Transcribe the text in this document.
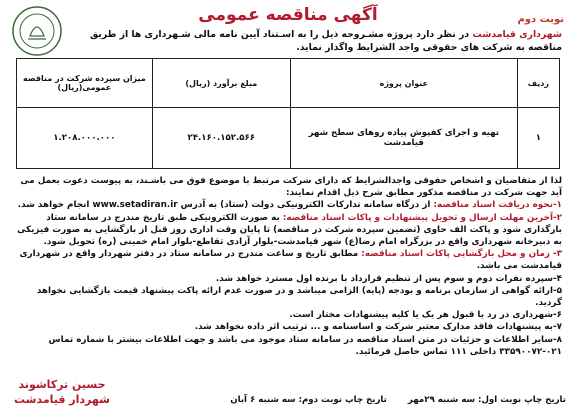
نوبت دوم
آگهی مناقصه عمومی
شهرداری قیامدشت در نظر دارد پروژه مشـروحه ذیل را به اسـتناد آیین نامه مالی شـهرداری ها از طریق مناقصه به شرکت های حقوقی واجد الشرایط واگذار نماید.
ردیف	عنوان پروژه	مبلغ برآورد (ریال)	میزان سپرده شرکت در مناقصه عمومی(ریال)
۱	تهیه و اجرای کفپوش پیاده روهای سطح شهر قیامدشت	۲۴.۱۶۰.۱۵۲.۵۶۶	۱.۲۰۸.۰۰۰.۰۰۰

لذا از متقاضیان و اشخاص حقوقی واجدالشرایط که دارای شرکت مرتبط با موضوع فوق می باشـند، به پیوست دعوت بعمل می آید جهت شرکت در مناقصه مذکور مطابق شرح ذیل اقدام نمایند:

۱-نحوه دریافت اسناد مناقصه: از درگاه سامانه تدارکات الکترونیکی دولت (ستاد) به آدرس www.setadiran.ir انجام خواهد شد.

۲-آخرین مهلت ارسال و تحویل پیشنهادات و پاکات اسناد مناقصه: به صورت الکترونیکی طبق تاریخ مندرج در سامانه ستاد بارگذاری شود و پاکت الف حاوی (تضمین سپرده شرکت در مناقصه) تا پایان وقت اداری روز قبل از بازگشایی به صورت فیزیکی به دبیرخانه شهرداری واقع در بزرگراه امام رضا(ع) شهر قیامدشت-بلوار آزادی تقاطع-بلوار امام خمینی (ره) تحویل شود.

۳- زمان و محل بازگشایی پاکات اسناد مناقصه: مطابق تاریخ و ساعت مندرج در سامانه ستاد در دفتر شهردار واقع در شهرداری قیامدشت می باشد.

۴-سپرده نفرات دوم و سوم پس از تنظیم قرارداد با برنده اول مسترد خواهد شد.

۵-ارائه گواهی از سازمان برنامه و بودجه (پایه) الزامی میباشد و در صورت عدم ارائه پاکت پیشنهاد قیمت بازگشایی نخواهد گردید.

۶-شهرداری در رد یا قبول هر یک یا کلیه پیشنهادات مختار است.

۷-به پیشنهادات فاقد مدارک معتبر شرکت و اساسنامه و ... ترتیب اثر داده نخواهد شد.

۸-سایر اطلاعات و جزئیات در متن اسناد مناقصه در سامانه ستاد موجود می باشد و جهت اطلاعات بیشتر با شماره تماس ۰۲۱-۳۳۵۹۰۰۷۲ داخلی ۱۱۱ تماس حاصل فرمائید.

تاریخ چاپ نوبت اول: سه شنبه ۲۹مهر تاریخ چاپ نوبت دوم: سه شنبه ۶ آبان
حسین ترکاشوند
شهردار قیامدشت
